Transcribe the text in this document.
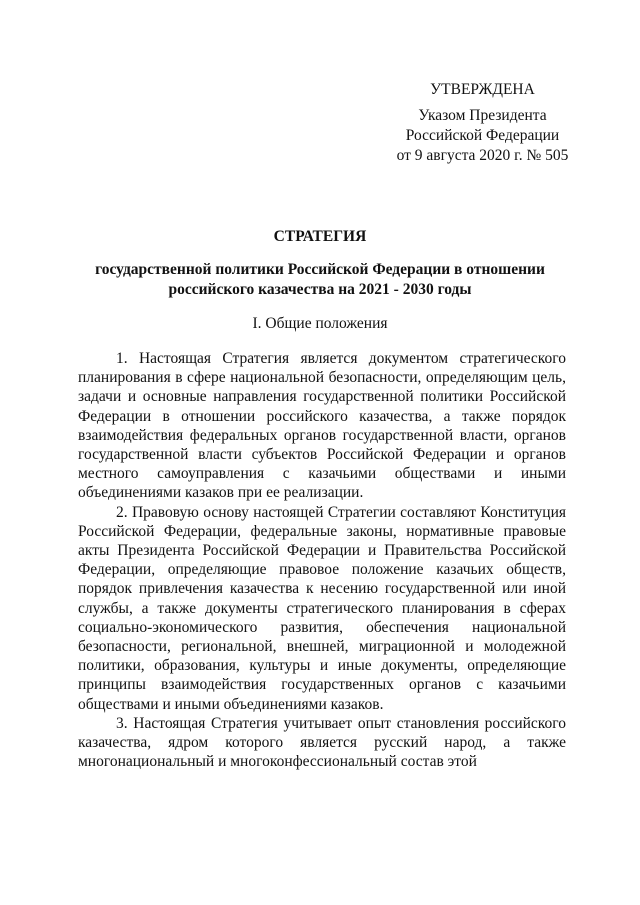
УТВЕРЖДЕНА
Указом Президента
Российской Федерации
от 9 августа 2020 г. № 505
СТРАТЕГИЯ
государственной политики Российской Федерации в отношении
российского казачества на 2021 - 2030 годы
I. Общие положения

1. Настоящая Стратегия является документом стратегического планирования в сфере национальной безопасности, определяющим цель, задачи и основные направления государственной политики Российской Федерации в отношении российского казачества, а также порядок взаимодействия федеральных органов государственной власти, органов государственной власти субъектов Российской Федерации и органов местного самоуправления с казачьими обществами и иными объединениями казаков при ее реализации.

2. Правовую основу настоящей Стратегии составляют Конституция Российской Федерации, федеральные законы, нормативные правовые акты Президента Российской Федерации и Правительства Российской Федерации, определяющие правовое положение казачьих обществ, порядок привлечения казачества к несению государственной или иной службы, а также документы стратегического планирования в сферах социально-экономического развития, обеспечения национальной безопасности, региональной, внешней, миграционной и молодежной политики, образования, культуры и иные документы, определяющие принципы взаимодействия государственных органов с казачьими обществами и иными объединениями казаков.

3. Настоящая Стратегия учитывает опыт становления российского казачества, ядром которого является русский народ, а также многонациональный и многоконфессиональный состав этой
